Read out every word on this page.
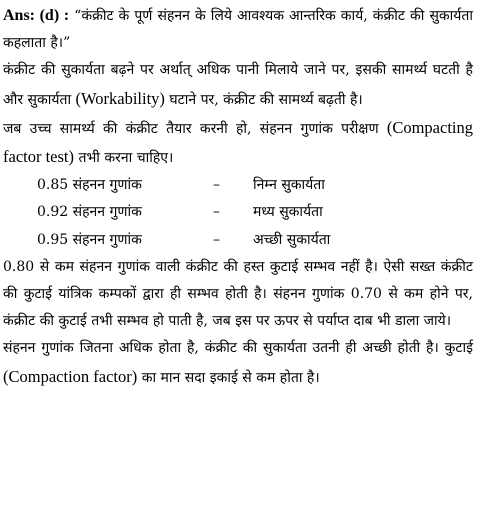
Ans: (d) : “कंक्रीट के पूर्ण संहनन के लिये आवश्यक आन्तरिक कार्य, कंक्रीट की सुकार्यता कहलाता है।”

कंक्रीट की सुकार्यता बढ़ने पर अर्थात् अधिक पानी मिलाये जाने पर, इसकी सामर्थ्य घटती है और सुकार्यता (Workability) घटाने पर, कंक्रीट की सामर्थ्य बढ़ती है।

जब उच्च सामर्थ्य की कंक्रीट तैयार करनी हो, संहनन गुणांक परीक्षण (Compacting factor test) तभी करना चाहिए।

0.85 संहनन गुणांक	–	निम्न सुकार्यता
0.92 संहनन गुणांक	–	मध्य सुकार्यता
0.95 संहनन गुणांक	–	अच्छी सुकार्यता

0.80 से कम संहनन गुणांक वाली कंक्रीट की हस्त कुटाई सम्भव नहीं है। ऐसी सख्त कंक्रीट की कुटाई यांत्रिक कम्पकों द्वारा ही सम्भव होती है। संहनन गुणांक 0.70 से कम होने पर, कंक्रीट की कुटाई तभी सम्भव हो पाती है, जब इस पर ऊपर से पर्याप्त दाब भी डाला जाये।

संहनन गुणांक जितना अधिक होता है, कंक्रीट की सुकार्यता उतनी ही अच्छी होती है। कुटाई (Compaction factor) का मान सदा इकाई से कम होता है।
